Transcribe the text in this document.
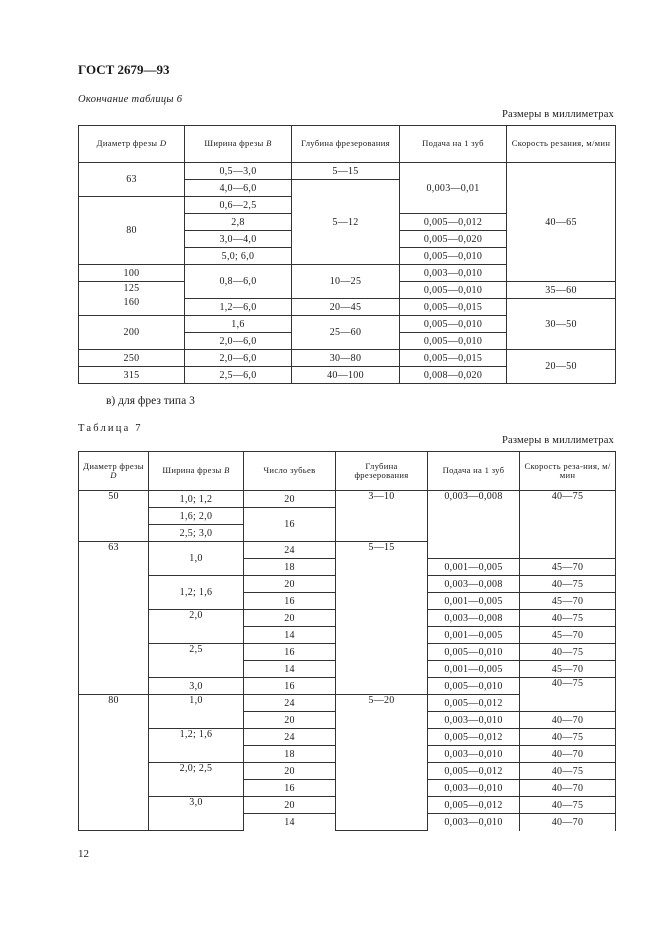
ГОСТ 2679—93
Окончание таблицы 6
Размеры в миллиметрах
Диаметр фрезы D	Ширина фрезы B	Глубина фрезерования	Подача на 1 зуб	Скорость резания, м/мин
63	0,5—3,0	5—15	0,003—0,01	40—65
	4,0—6,0	5—12		
80	0,6—2,5			
	2,8		0,005—0,012	
	3,0—4,0		0,005—0,020	
	5,0; 6,0		0,005—0,010	
100	0,8—6,0	10—25	0,003—0,010	

125
160			0,005—0,010	35—60
	1,2—6,0	20—45	0,005—0,015	30—50
200	1,6	25—60	0,005—0,010	
	2,0—6,0		0,005—0,010	
250	2,0—6,0	30—80	0,005—0,015	20—50
315	2,5—6,0	40—100	0,008—0,020	
в) для фрез типа 3
Таблица 7
Размеры в миллиметрах
Диаметр фрезы D	Ширина фрезы B	Число зубьев	Глубина фрезерования	Подача на 1 зуб	Скорость реза-ния, м/мин
50	1,0; 1,2	20	3—10	0,003—0,008	40—75
	1,6; 2,0	16			
	2,5; 3,0				
63	1,0	24	5—15		
		18		0,001—0,005	45—70
	1,2; 1,6	20		0,003—0,008	40—75
		16		0,001—0,005	45—70
	2,0	20		0,003—0,008	40—75
		14		0,001—0,005	45—70
	2,5	16		0,005—0,010	40—75
		14		0,001—0,005	45—70
	3,0	16		0,005—0,010	40—75
80	1,0	24	5—20	0,005—0,012	
		20		0,003—0,010	40—70
	1,2; 1,6	24		0,005—0,012	40—75
		18		0,003—0,010	40—70
	2,0; 2,5	20		0,005—0,012	40—75
		16		0,003—0,010	40—70
	3,0	20		0,005—0,012	40—75
		14		0,003—0,010	40—70
12
